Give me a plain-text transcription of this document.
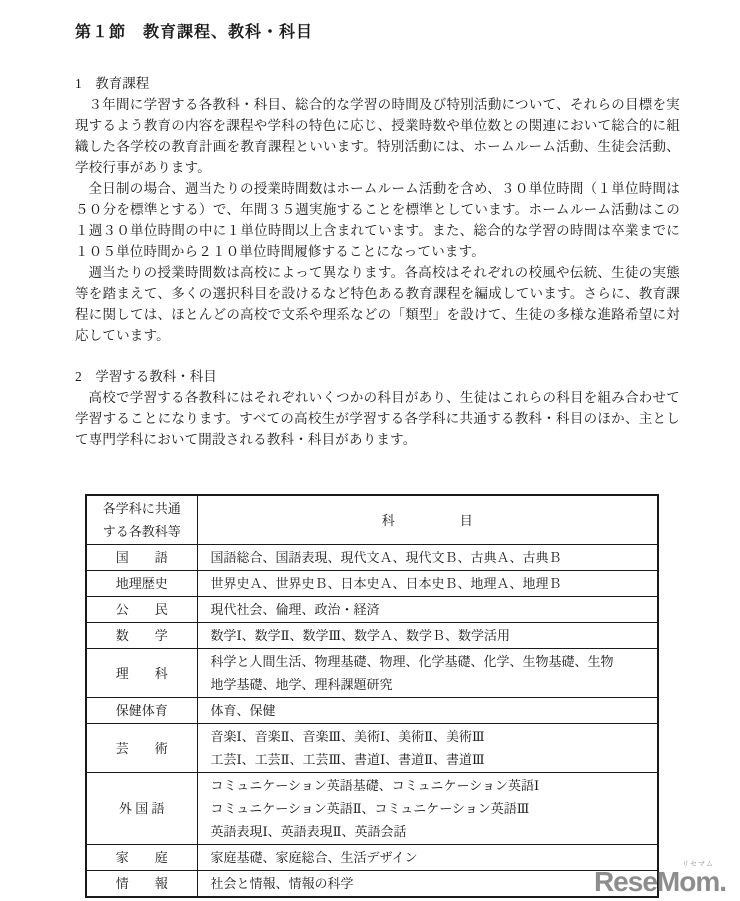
第１節　教育課程、教科・科目
1　教育課程

３年間に学習する各教科・科目、総合的な学習の時間及び特別活動について、それらの目標を実現するよう教育の内容を課程や学科の特色に応じ、授業時数や単位数との関連において総合的に組織した各学校の教育計画を教育課程といいます。特別活動には、ホームルーム活動、生徒会活動、学校行事があります。

全日制の場合、週当たりの授業時間数はホームルーム活動を含め、３０単位時間（１単位時間は５０分を標準とする）で、年間３５週実施することを標準としています。ホームルーム活動はこの１週３０単位時間の中に１単位時間以上含まれています。また、総合的な学習の時間は卒業までに１０５単位時間から２１０単位時間履修することになっています。

週当たりの授業時間数は高校によって異なります。各高校はそれぞれの校風や伝統、生徒の実態等を踏まえて、多くの選択科目を設けるなど特色ある教育課程を編成しています。さらに、教育課程に関しては、ほとんどの高校で文系や理系などの「類型」を設けて、生徒の多様な進路希望に対応しています。

2　学習する教科・科目

高校で学習する各教科にはそれぞれいくつかの科目があり、生徒はこれらの科目を組み合わせて学習することになります。すべての高校生が学習する各学科に共通する教科・科目のほか、主として専門学科において開設される教科・科目があります。

各学科に共通
する各教科等	科　　　　　目
国　　語	国語総合、国語表現、現代文Ａ、現代文Ｂ、古典Ａ、古典Ｂ

地理歴史	世界史Ａ、世界史Ｂ、日本史Ａ、日本史Ｂ、地理Ａ、地理Ｂ

公　　民	現代社会、倫理、政治・経済

数　　学	数学Ⅰ、数学Ⅱ、数学Ⅲ、数学Ａ、数学Ｂ、数学活用

理　　科	科学と人間生活、物理基礎、物理、化学基礎、化学、生物基礎、生物
地学基礎、地学、理科課題研究

保健体育	体育、保健

芸　　術	音楽Ⅰ、音楽Ⅱ、音楽Ⅲ、美術Ⅰ、美術Ⅱ、美術Ⅲ
工芸Ⅰ、工芸Ⅱ、工芸Ⅲ、書道Ⅰ、書道Ⅱ、書道Ⅲ

外 国 語	コミュニケーション英語基礎、コミュニケーション英語Ⅰ
コミュニケーション英語Ⅱ、コミュニケーション英語Ⅲ
英語表現Ⅰ、英語表現Ⅱ、英語会話

家　　庭	家庭基礎、家庭総合、生活デザイン

情　　報	社会と情報、情報の科学
リセマム
ReseMom.
